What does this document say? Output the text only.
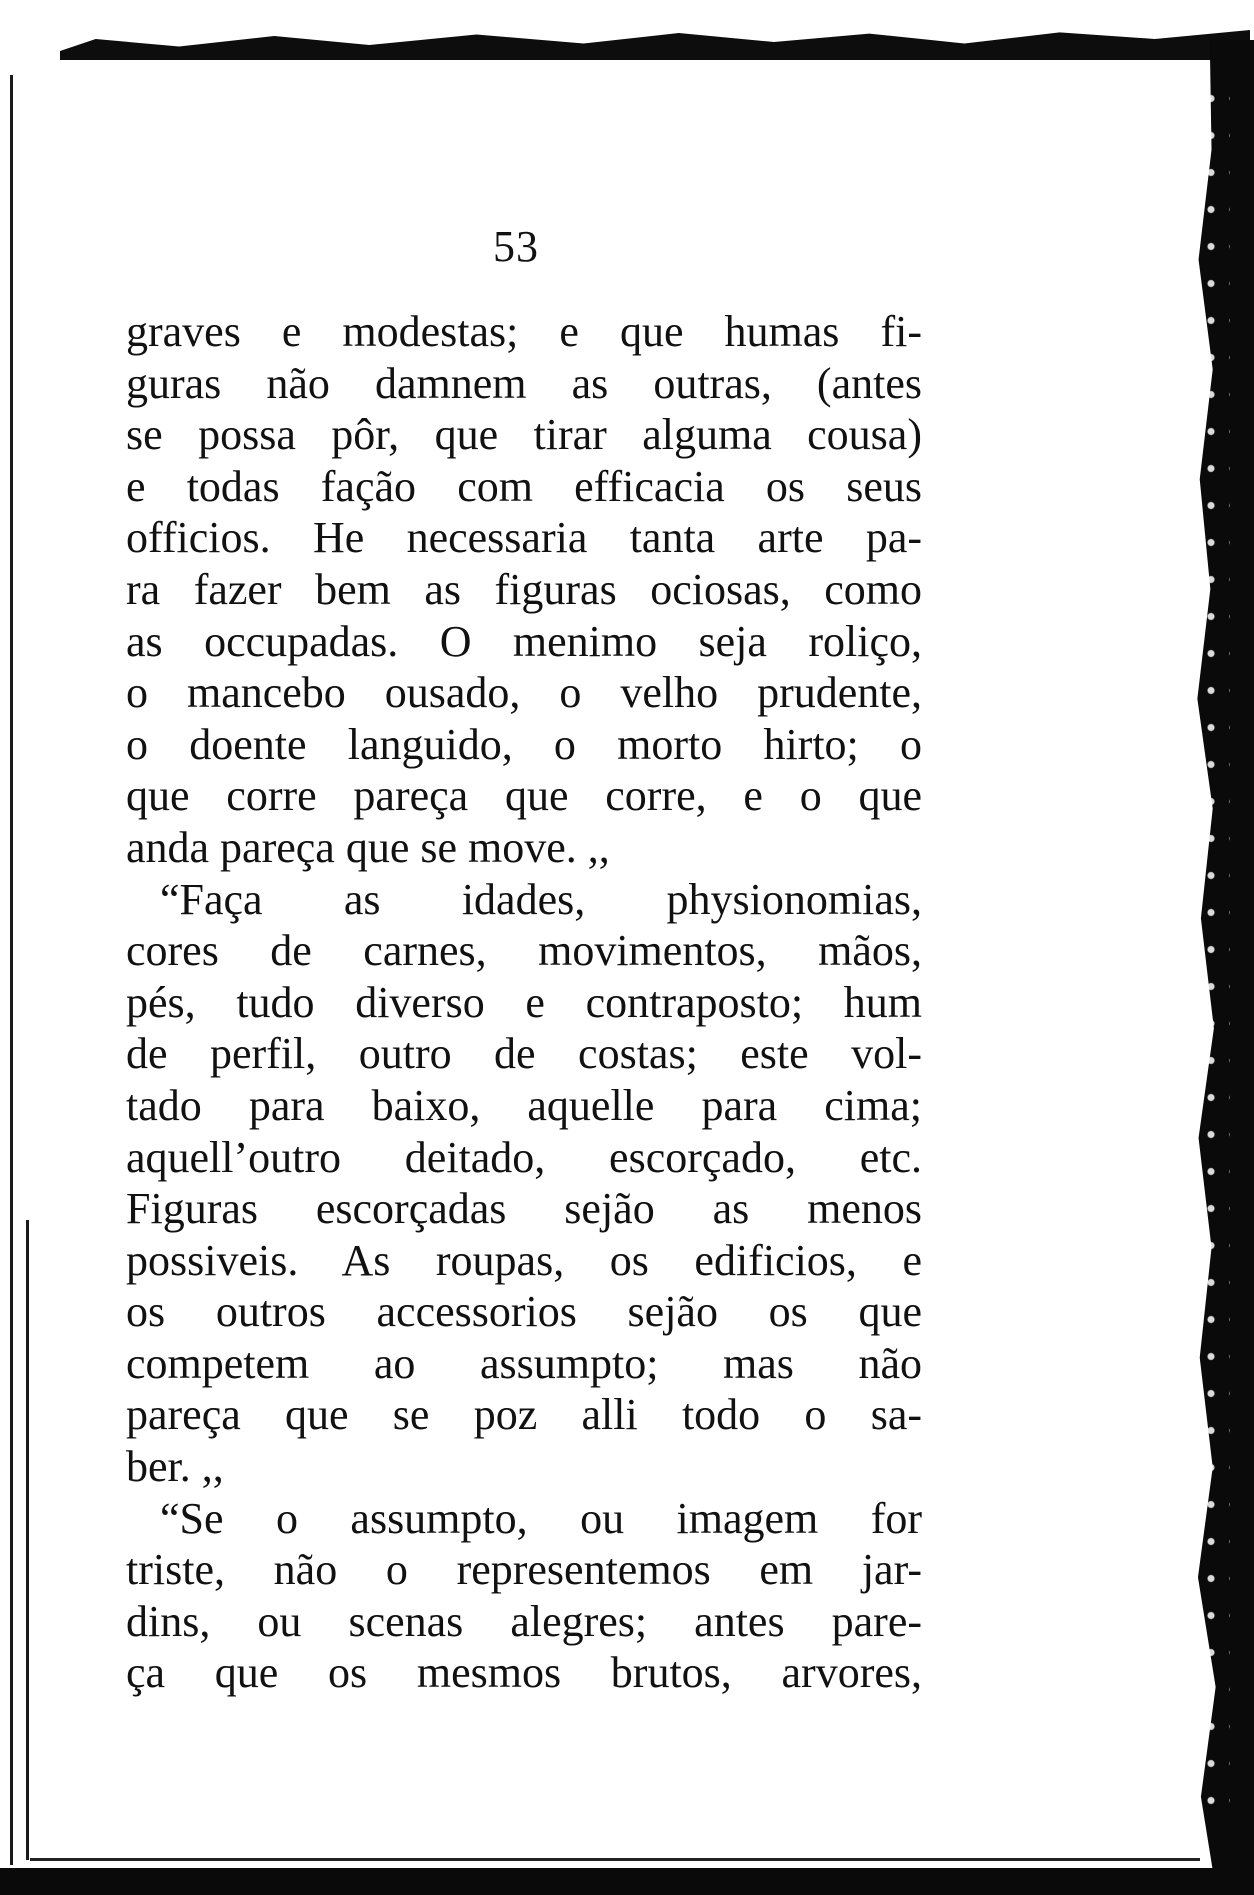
53
graves e modestas; e que humas fi-
guras não damnem as outras, (antes
se possa pôr, que tirar alguma cousa)
e todas fação com efficacia os seus
officios. He necessaria tanta arte pa-
ra fazer bem as figuras ociosas, como
as occupadas. O menimo seja roliço,
o mancebo ousado, o velho prudente,
o doente languido, o morto hirto; o
que corre pareça que corre, e o que
anda pareça que se move. ,,
“Faça as idades, physionomias,
cores de carnes, movimentos, mãos,
pés, tudo diverso e contraposto; hum
de perfil, outro de costas; este vol-
tado para baixo, aquelle para cima;
aquell’outro deitado, escorçado, etc.
Figuras escorçadas sejão as menos
possiveis. As roupas, os edificios, e
os outros accessorios sejão os que
competem ao assumpto; mas não
pareça que se poz alli todo o sa-
ber. ,,
“Se o assumpto, ou imagem for
triste, não o representemos em jar-
dins, ou scenas alegres; antes pare-
ça que os mesmos brutos, arvores,
